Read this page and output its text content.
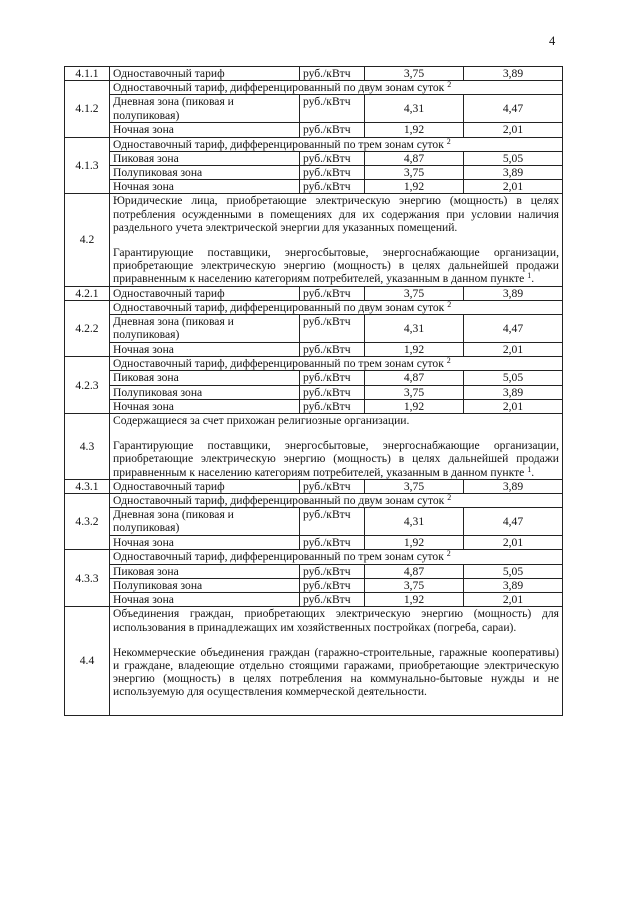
4
4.1.1	Одноставочный тариф	руб./кВтч	3,75	3,89
4.1.2	Одноставочный тариф, дифференцированный по двум зонам суток $^2$
	Дневная зона (пиковая и полупиковая)	руб./кВтч	4,31	4,47
	Ночная зона	руб./кВтч	1,92	2,01
4.1.3	Одноставочный тариф, дифференцированный по трем зонам суток $^2$
	Пиковая зона	руб./кВтч	4,87	5,05
	Полупиковая зона	руб./кВтч	3,75	3,89
	Ночная зона	руб./кВтч	1,92	2,01
4.2	Юридические лица, приобретающие электрическую энергию (мощность) в целях потребления осужденными в помещениях для их содержания при условии наличия раздельного учета электрической энергии для указанных помещений.
Гарантирующие поставщики, энергосбытовые, энергоснабжающие организации, приобретающие электрическую энергию (мощность) в целях дальнейшей продажи приравненным к населению категориям потребителей, указанным в данном пункте $^1$.			

4.2.1	Одноставочный тариф	руб./кВтч	3,75	3,89
4.2.2	Одноставочный тариф, дифференцированный по двум зонам суток $^2$
	Дневная зона (пиковая и полупиковая)	руб./кВтч	4,31	4,47
	Ночная зона	руб./кВтч	1,92	2,01
4.2.3	Одноставочный тариф, дифференцированный по трем зонам суток $^2$
	Пиковая зона	руб./кВтч	4,87	5,05
	Полупиковая зона	руб./кВтч	3,75	3,89
	Ночная зона	руб./кВтч	1,92	2,01
4.3	Содержащиеся за счет прихожан религиозные организации.
Гарантирующие поставщики, энергосбытовые, энергоснабжающие организации, приобретающие электрическую энергию (мощность) в целях дальнейшей продажи приравненным к населению категориям потребителей, указанным в данном пункте $^1$.			

4.3.1	Одноставочный тариф	руб./кВтч	3,75	3,89
4.3.2	Одноставочный тариф, дифференцированный по двум зонам суток $^2$
	Дневная зона (пиковая и полупиковая)	руб./кВтч	4,31	4,47
	Ночная зона	руб./кВтч	1,92	2,01
4.3.3	Одноставочный тариф, дифференцированный по трем зонам суток $^2$
	Пиковая зона	руб./кВтч	4,87	5,05
	Полупиковая зона	руб./кВтч	3,75	3,89
	Ночная зона	руб./кВтч	1,92	2,01
4.4	Объединения граждан, приобретающих электрическую энергию (мощность) для использования в принадлежащих им хозяйственных постройках (погреба, сараи).
Некоммерческие объединения граждан (гаражно-строительные, гаражные кооперативы) и граждане, владеющие отдельно стоящими гаражами, приобретающие электрическую энергию (мощность) в целях потребления на коммунально-бытовые нужды и не используемую для осуществления коммерческой деятельности.			
